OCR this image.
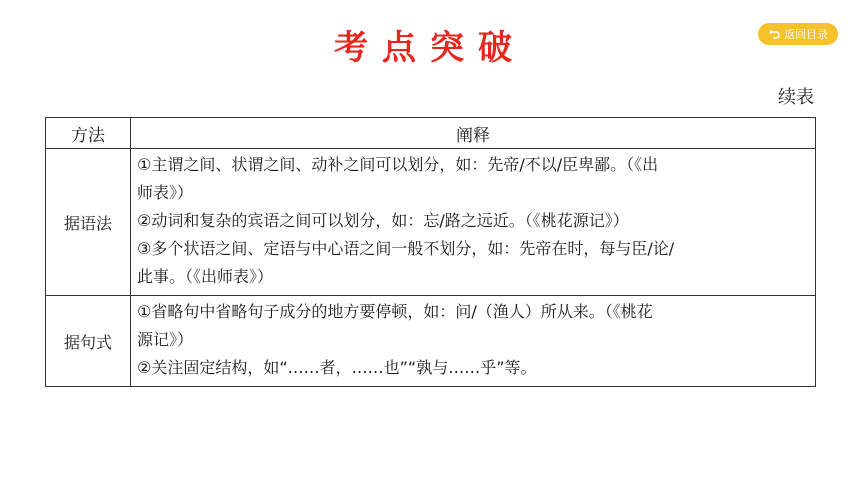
考点突破	返回目录
续表
方法	阐释
据语法	①主谓之间、状谓之间、动补之间可以划分，如：先帝/不以/臣卑鄙。（《出
师表》）
②动词和复杂的宾语之间可以划分，如：忘/路之远近。（《桃花源记》）
③多个状语之间、定语与中心语之间一般不划分，如：先帝在时，每与臣/论/
此事。（《出师表》）

据句式	①省略句中省略句子成分的地方要停顿，如：问/（渔人）所从来。（《桃花
源记》）
②关注固定结构，如“……者，……也”“孰与……乎”等。
